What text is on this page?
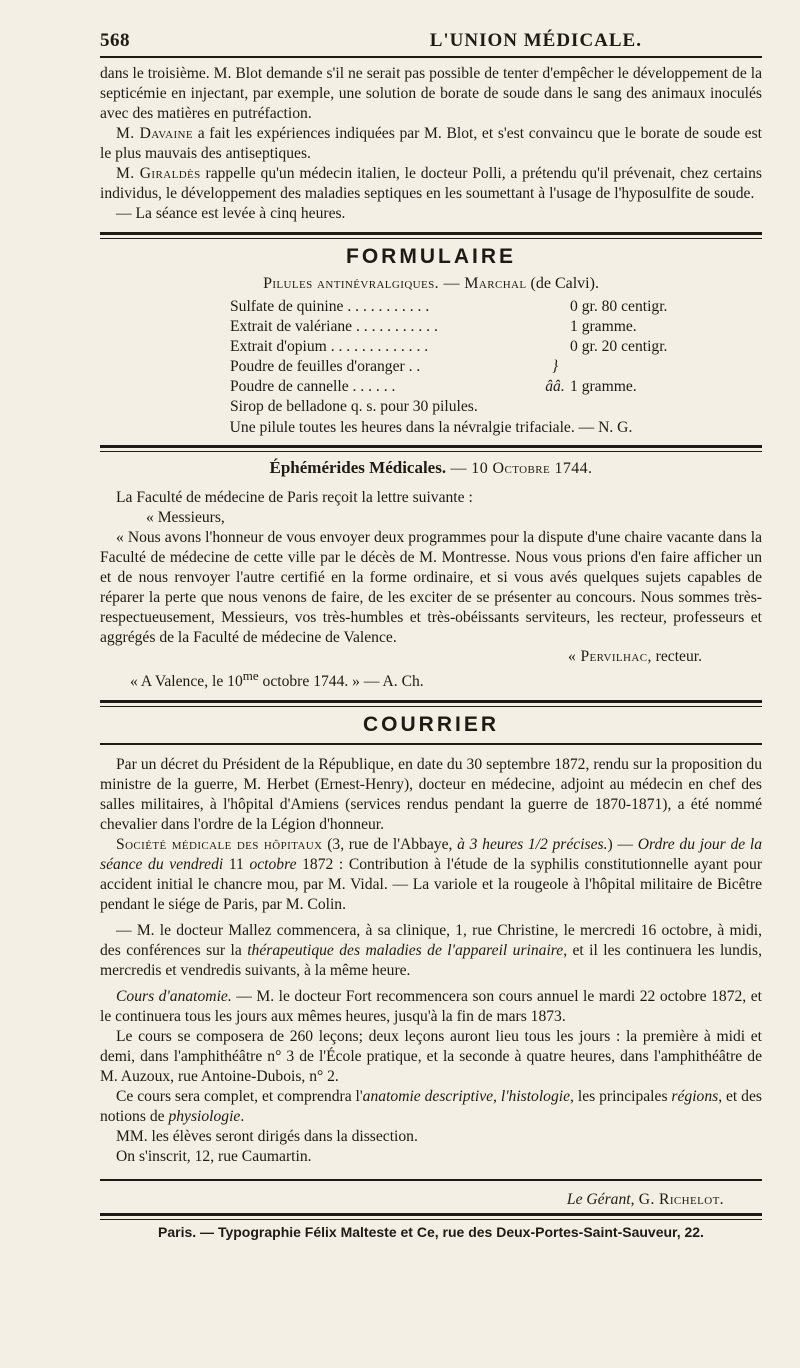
568	L'UNION MÉDICALE.

dans le troisième. M. Blot demande s'il ne serait pas possible de tenter d'empêcher le développement de la septicémie en injectant, par exemple, une solution de borate de soude dans le sang des animaux inoculés avec des matières en putréfaction.

M. Davaine a fait les expériences indiquées par M. Blot, et s'est convaincu que le borate de soude est le plus mauvais des antiseptiques.

M. Giraldès rappelle qu'un médecin italien, le docteur Polli, a prétendu qu'il prévenait, chez certains individus, le développement des maladies septiques en les soumettant à l'usage de l'hyposulfite de soude.

— La séance est levée à cinq heures.

FORMULAIRE
Pilules antinévralgiques. — Marchal (de Calvi).
Sulfate de quinine . . . . . . . . . . .	0 gr. 80 centigr.
Extrait de valériane . . . . . . . . . . .	1 gramme.
Extrait d'opium . . . . . . . . . . . . .	0 gr. 20 centigr.
Poudre de feuilles d'oranger . .	}
Poudre de cannelle . . . . . .	ââ. 1 gramme.
Sirop de belladone q. s. pour 30 pilules.
Une pilule toutes les heures dans la névralgie trifaciale. — N. G.
Éphémérides Médicales. — 10 Octobre 1744.

La Faculté de médecine de Paris reçoit la lettre suivante :

« Messieurs,

« Nous avons l'honneur de vous envoyer deux programmes pour la dispute d'une chaire vacante dans la Faculté de médecine de cette ville par le décès de M. Montresse. Nous vous prions d'en faire afficher un et de nous renvoyer l'autre certifié en la forme ordinaire, et si vous avés quelques sujets capables de réparer la perte que nous venons de faire, de les exciter de se présenter au concours. Nous sommes très-respectueusement, Messieurs, vos très-humbles et très-obéissants serviteurs, les recteur, professeurs et aggrégés de la Faculté de médecine de Valence.

« Pervilhac, recteur.

« A Valence, le $10^{me}$ octobre 1744. » — A. Ch.

COURRIER

Par un décret du Président de la République, en date du 30 septembre 1872, rendu sur la proposition du ministre de la guerre, M. Herbet (Ernest-Henry), docteur en médecine, adjoint au médecin en chef des salles militaires, à l'hôpital d'Amiens (services rendus pendant la guerre de 1870-1871), a été nommé chevalier dans l'ordre de la Légion d'honneur.

Société médicale des hôpitaux (3, rue de l'Abbaye, à 3 heures 1/2 précises.) — Ordre du jour de la séance du vendredi 11 octobre 1872 : Contribution à l'étude de la syphilis constitutionnelle ayant pour accident initial le chancre mou, par M. Vidal. — La variole et la rougeole à l'hôpital militaire de Bicêtre pendant le siége de Paris, par M. Colin.

— M. le docteur Mallez commencera, à sa clinique, 1, rue Christine, le mercredi 16 octobre, à midi, des conférences sur la thérapeutique des maladies de l'appareil urinaire, et il les continuera les lundis, mercredis et vendredis suivants, à la même heure.

Cours d'anatomie. — M. le docteur Fort recommencera son cours annuel le mardi 22 octobre 1872, et le continuera tous les jours aux mêmes heures, jusqu'à la fin de mars 1873.

Le cours se composera de 260 leçons; deux leçons auront lieu tous les jours : la première à midi et demi, dans l'amphithéâtre n° 3 de l'École pratique, et la seconde à quatre heures, dans l'amphithéâtre de M. Auzoux, rue Antoine-Dubois, n° 2.

Ce cours sera complet, et comprendra l'anatomie descriptive, l'histologie, les principales régions, et des notions de physiologie.

MM. les élèves seront dirigés dans la dissection.

On s'inscrit, 12, rue Caumartin.

Le Gérant, G. Richelot.
Paris. — Typographie Félix Malteste et Ce, rue des Deux-Portes-Saint-Sauveur, 22.
